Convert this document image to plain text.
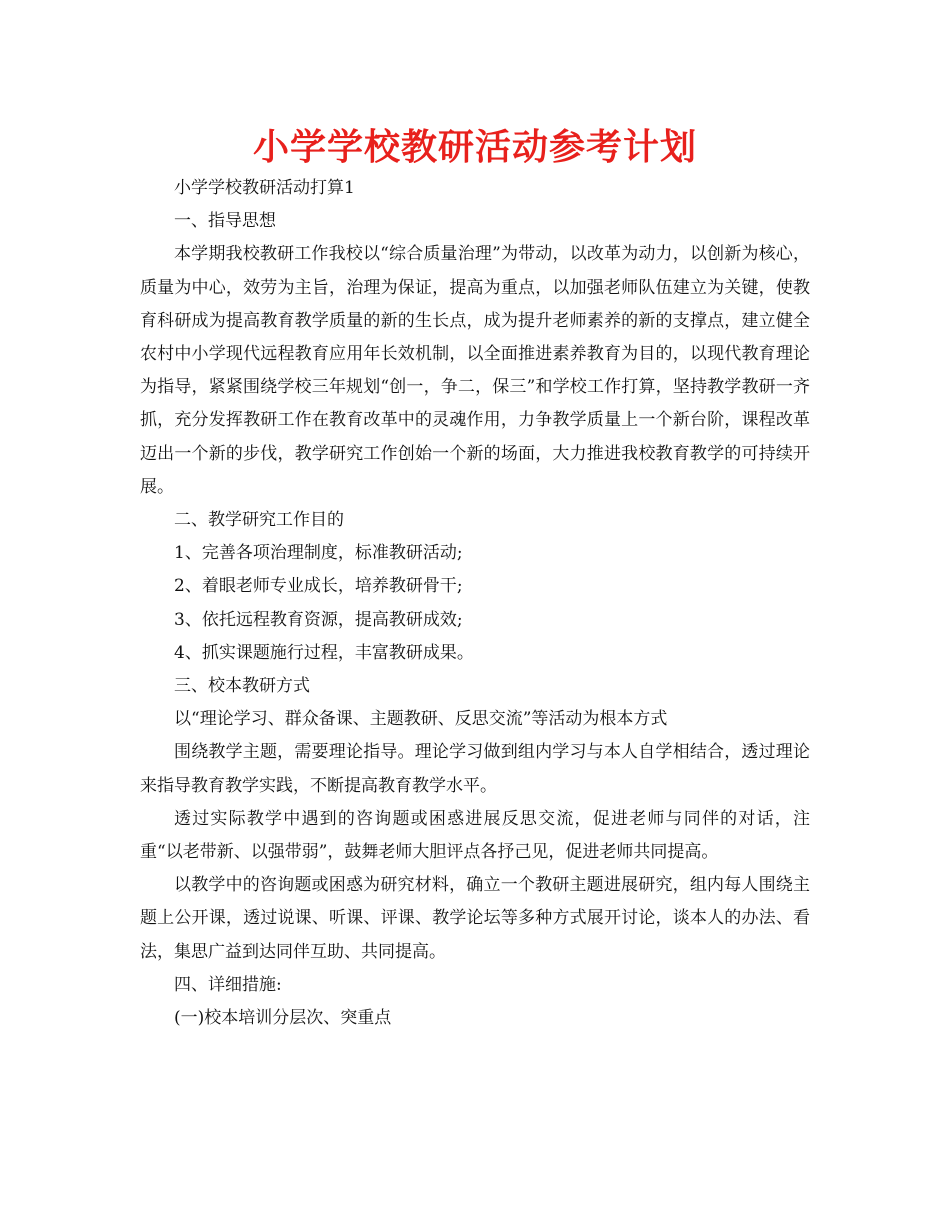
小学学校教研活动参考计划

小学学校教研活动打算1

一、指导思想

本学期我校教研工作我校以“综合质量治理”为带动，以改革为动力，以创新为核心，质量为中心，效劳为主旨，治理为保证，提高为重点，以加强老师队伍建立为关键，使教育科研成为提高教育教学质量的新的生长点，成为提升老师素养的新的支撑点，建立健全农村中小学现代远程教育应用年长效机制，以全面推进素养教育为目的，以现代教育理论为指导，紧紧围绕学校三年规划“创一，争二，保三”和学校工作打算，坚持教学教研一齐抓，充分发挥教研工作在教育改革中的灵魂作用，力争教学质量上一个新台阶，课程改革迈出一个新的步伐，教学研究工作创始一个新的场面，大力推进我校教育教学的可持续开展。

二、教学研究工作目的

1、完善各项治理制度，标准教研活动;

2、着眼老师专业成长，培养教研骨干;

3、依托远程教育资源，提高教研成效;

4、抓实课题施行过程，丰富教研成果。

三、校本教研方式

以“理论学习、群众备课、主题教研、反思交流”等活动为根本方式

围绕教学主题，需要理论指导。理论学习做到组内学习与本人自学相结合，透过理论来指导教育教学实践，不断提高教育教学水平。

透过实际教学中遇到的咨询题或困惑进展反思交流，促进老师与同伴的对话，注重“以老带新、以强带弱”，鼓舞老师大胆评点各抒己见，促进老师共同提高。

以教学中的咨询题或困惑为研究材料，确立一个教研主题进展研究，组内每人围绕主题上公开课，透过说课、听课、评课、教学论坛等多种方式展开讨论，谈本人的办法、看法，集思广益到达同伴互助、共同提高。

四、详细措施:

(一)校本培训分层次、突重点
